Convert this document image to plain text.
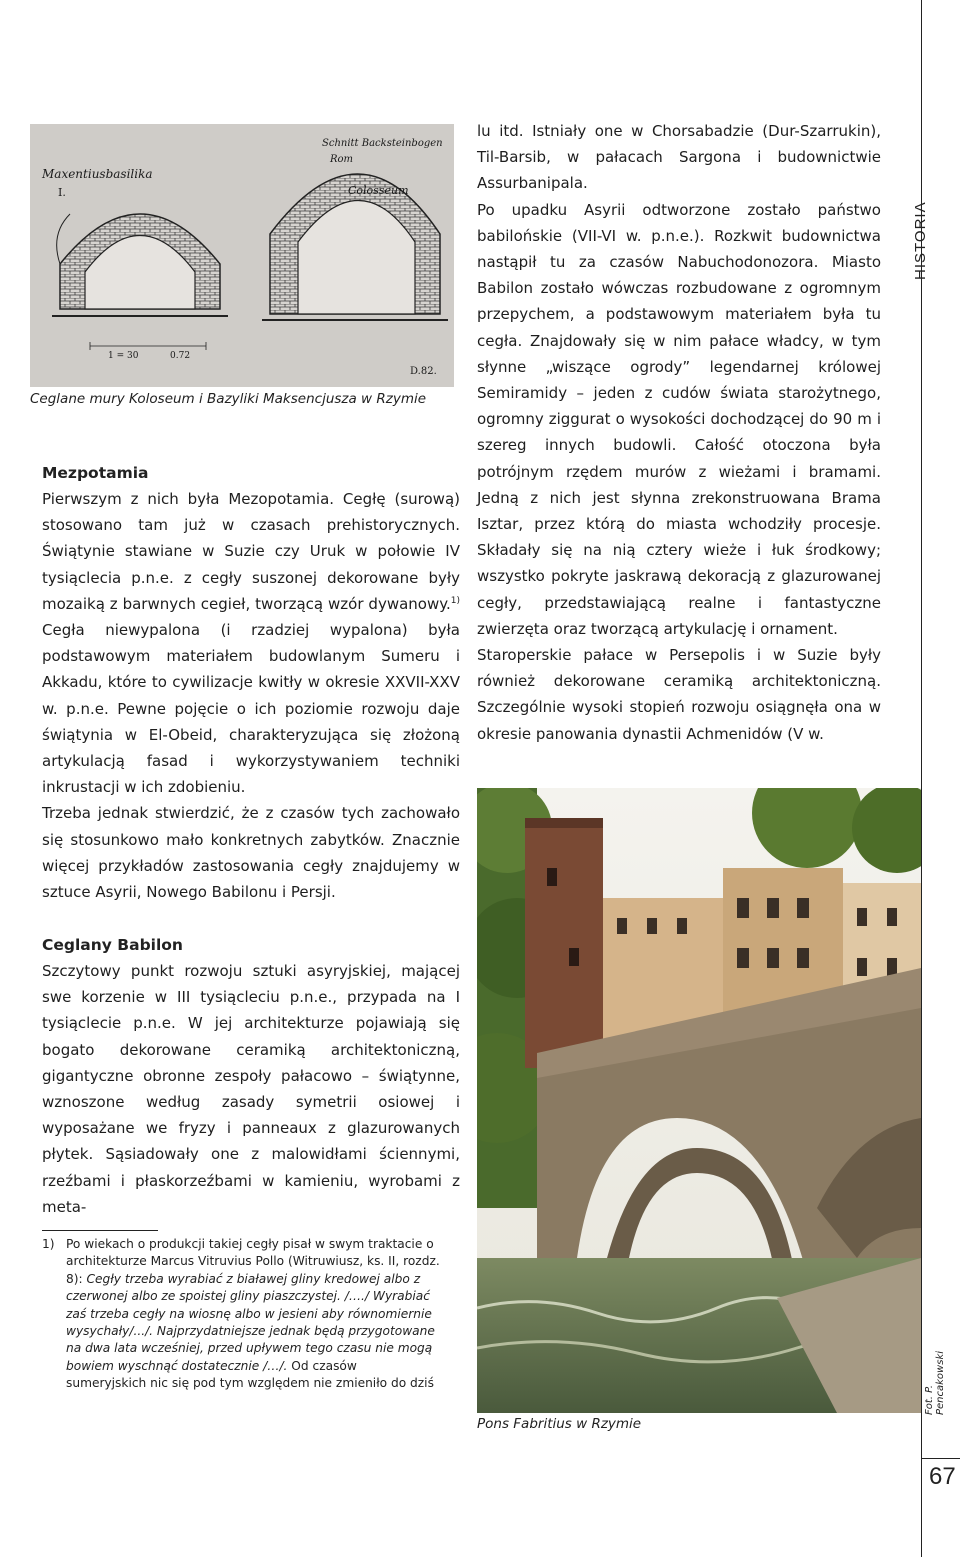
HISTORIA
Fot. P. Pencakowski
67
Maxentiusbasilika
I.
Schnitt Backsteinbogen
Rom
Colosseum
1 = 30	0.72
D.82.
Ceglane mury Koloseum i Bazyliki Maksencjusza w Rzymie

Mezpotamia

Pierwszym z nich była Mezopotamia. Cegłę (surową) stosowano tam już w czasach prehistorycznych. Świątynie stawiane w Suzie czy Uruk w połowie IV tysiąclecia p.n.e. z cegły suszonej dekorowane były mozaiką z barwnych cegieł, tworzącą wzór dywanowy.$^{1)}$ Cegła niewypalona (i rzadziej wypalona) była podstawowym materiałem budowlanym Sumeru i Akkadu, które to cywilizacje kwitły w okresie XXVII-XXV w. p.n.e. Pewne pojęcie o ich poziomie rozwoju daje świątynia w El-Obeid, charakteryzująca się złożoną artykulacją fasad i wykorzystywaniem techniki inkrustacji w ich zdobieniu.

Trzeba jednak stwierdzić, że z czasów tych zachowało się stosunkowo mało konkretnych zabytków. Znacznie więcej przykładów zastosowania cegły znajdujemy w sztuce Asyrii, Nowego Babilonu i Persji.

Ceglany Babilon

Szczytowy punkt rozwoju sztuki asyryjskiej, mającej swe korzenie w III tysiącleciu p.n.e., przypada na I tysiąclecie p.n.e. W jej architekturze pojawiają się bogato dekorowane ceramiką architektoniczną, gigantyczne obronne zespoły pałacowo – świątynne, wznoszone według zasady symetrii osiowej i wyposażane we fryzy i panneaux z glazurowanych płytek. Sąsiadowały one z malowidłami ściennymi, rzeźbami i płaskorzeźbami w kamieniu, wyrobami z meta-

lu itd. Istniały one w Chorsabadzie (Dur-Szarrukin), Til-Barsib, w pałacach Sargona i budownictwie Assurbanipala.

Po upadku Asyrii odtworzone zostało państwo babilońskie (VII-VI w. p.n.e.). Rozkwit budownictwa nastąpił tu za czasów Nabuchodonozora. Miasto Babilon zostało wówczas rozbudowane z ogromnym przepychem, a podstawowym materiałem była tu cegła. Znajdowały się w nim pałace władcy, w tym słynne „wiszące ogrody” legendarnej królowej Semiramidy – jeden z cudów świata starożytnego, ogromny ziggurat o wysokości dochodzącej do 90 m i szereg innych budowli. Całość otoczona była potrójnym rzędem murów z wieżami i bramami. Jedną z nich jest słynna zrekonstruowana Brama Isztar, przez którą do miasta wchodziły procesje. Składały się na nią cztery wieże i łuk środkowy; wszystko pokryte jaskrawą dekoracją z glazurowanej cegły, przedstawiającą realne i fantastyczne zwierzęta oraz tworzącą artykulację i ornament.

Staroperskie pałace w Persepolis i w Suzie były również dekorowane ceramiką architektoniczną. Szczególnie wysoki stopień rozwoju osiągnęła ona w okresie panowania dynastii Achmenidów (V w.

Pons Fabritius w Rzymie
1) Po wiekach o produkcji takiej cegły pisał w swym traktacie o architekturze Marcus Vitruvius Pollo (Witruwiusz, ks. II, rozdz. 8): Cegły trzeba wyrabiać z białawej gliny kredowej albo z czerwonej albo ze spoistej gliny piaszczystej. /…./ Wyrabiać zaś trzeba cegły na wiosnę albo w jesieni aby równomiernie wysychały/.../. Najprzydatniejsze jednak będą przygotowane na dwa lata wcześniej, przed upływem tego czasu nie mogą bowiem wyschnąć dostatecznie /…/. Od czasów sumeryjskich nic się pod tym względem nie zmieniło do dziś
